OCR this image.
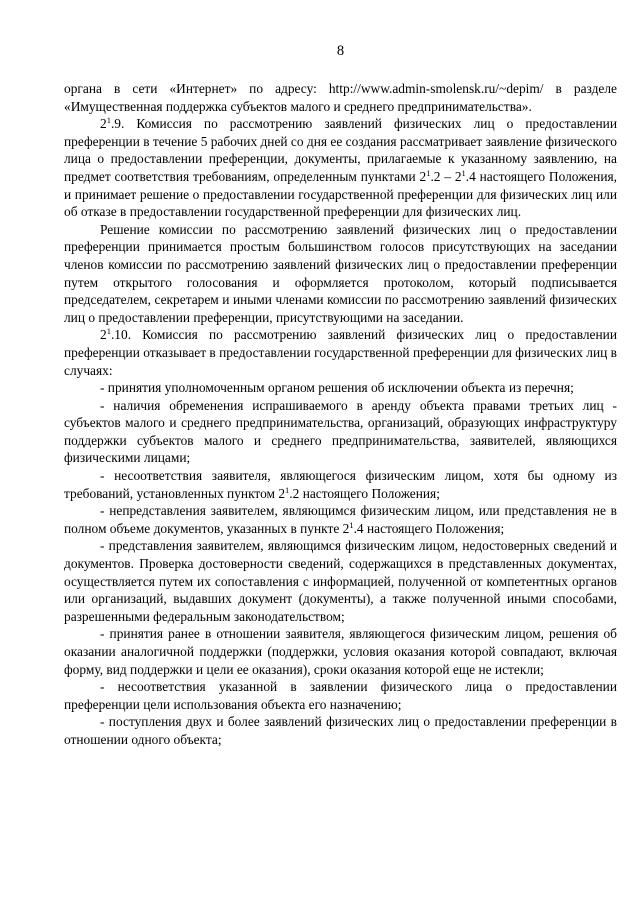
8

органа в сети «Интернет» по адресу: http://www.admin-smolensk.ru/~depim/ в разделе «Имущественная поддержка субъектов малого и среднего предпринимательства».

$2^1.9$. Комиссия по рассмотрению заявлений физических лиц о предоставлении преференции в течение 5 рабочих дней со дня ее создания рассматривает заявление физического лица о предоставлении преференции, документы, прилагаемые к указанному заявлению, на предмет соответствия требованиям, определенным пунктами $2^1.2 - 2^1.4$ настоящего Положения, и принимает решение о предоставлении государственной преференции для физических лиц или об отказе в предоставлении государственной преференции для физических лиц.

Решение комиссии по рассмотрению заявлений физических лиц о предоставлении преференции принимается простым большинством голосов присутствующих на заседании членов комиссии по рассмотрению заявлений физических лиц о предоставлении преференции путем открытого голосования и оформляется протоколом, который подписывается председателем, секретарем и иными членами комиссии по рассмотрению заявлений физических лиц о предоставлении преференции, присутствующими на заседании.

$2^1.10$. Комиссия по рассмотрению заявлений физических лиц о предоставлении преференции отказывает в предоставлении государственной преференции для физических лиц в случаях:

- принятия уполномоченным органом решения об исключении объекта из перечня;

- наличия обременения испрашиваемого в аренду объекта правами третьих лиц - субъектов малого и среднего предпринимательства, организаций, образующих инфраструктуру поддержки субъектов малого и среднего предпринимательства, заявителей, являющихся физическими лицами;

- несоответствия заявителя, являющегося физическим лицом, хотя бы одному из требований, установленных пунктом $2^1.2$ настоящего Положения;

- непредставления заявителем, являющимся физическим лицом, или представления не в полном объеме документов, указанных в пункте $2^1.4$ настоящего Положения;

- представления заявителем, являющимся физическим лицом, недостоверных сведений и документов. Проверка достоверности сведений, содержащихся в представленных документах, осуществляется путем их сопоставления с информацией, полученной от компетентных органов или организаций, выдавших документ (документы), а также полученной иными способами, разрешенными федеральным законодательством;

- принятия ранее в отношении заявителя, являющегося физическим лицом, решения об оказании аналогичной поддержки (поддержки, условия оказания которой совпадают, включая форму, вид поддержки и цели ее оказания), сроки оказания которой еще не истекли;

- несоответствия указанной в заявлении физического лица о предоставлении преференции цели использования объекта его назначению;

- поступления двух и более заявлений физических лиц о предоставлении преференции в отношении одного объекта;
